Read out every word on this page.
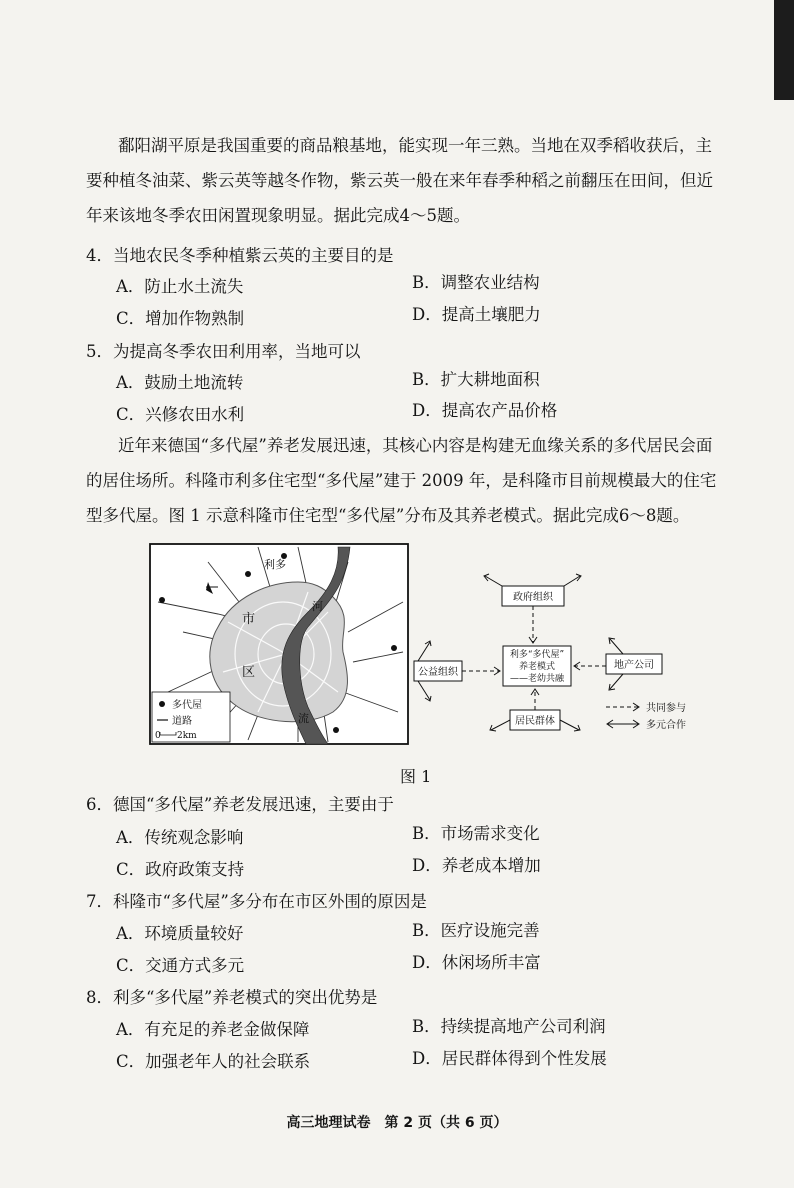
鄱阳湖平原是我国重要的商品粮基地，能实现一年三熟。当地在双季稻收获后，主要种植冬油菜、紫云英等越冬作物，紫云英一般在来年春季种稻之前翻压在田间，但近年来该地冬季农田闲置现象明显。据此完成4～5题。

4．当地农民冬季种植紫云英的主要目的是
A．防止水土流失	B．调整农业结构
C．增加作物熟制	D．提高土壤肥力
5．为提高冬季农田利用率，当地可以
A．鼓励土地流转	B．扩大耕地面积
C．兴修农田水利	D．提高农产品价格

近年来德国“多代屋”养老发展迅速，其核心内容是构建无血缘关系的多代居民会面的居住场所。科隆市利多住宅型“多代屋”建于 2009 年，是科隆市目前规模最大的住宅型多代屋。图 1 示意科隆市住宅型“多代屋”分布及其养老模式。据此完成6～8题。

利多
市
区
河
流
多代屋
道路
0 2km
政府组织
公益组织
利多“多代屋”
养老模式
——老幼共融
地产公司
居民群体
共同参与
多元合作
图 1
6．德国“多代屋”养老发展迅速，主要由于
A．传统观念影响	B．市场需求变化
C．政府政策支持	D．养老成本增加
7．科隆市“多代屋”多分布在市区外围的原因是
A．环境质量较好	B．医疗设施完善
C．交通方式多元	D．休闲场所丰富
8．利多“多代屋”养老模式的突出优势是
A．有充足的养老金做保障	B．持续提高地产公司利润
C．加强老年人的社会联系	D．居民群体得到个性发展
高三地理试卷　第 2 页（共 6 页）
